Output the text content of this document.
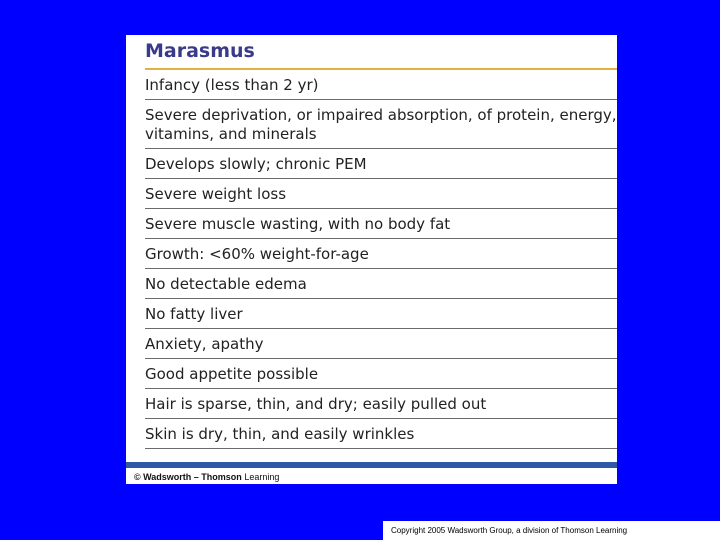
Marasmus
Infancy (less than 2 yr)
Severe deprivation, or impaired absorption, of protein, energy, vitamins, and minerals
Develops slowly; chronic PEM
Severe weight loss
Severe muscle wasting, with no body fat
Growth: <60% weight-for-age
No detectable edema
No fatty liver
Anxiety, apathy
Good appetite possible
Hair is sparse, thin, and dry; easily pulled out
Skin is dry, thin, and easily wrinkles
© Wadsworth – Thomson Learning
Copyright 2005 Wadsworth Group, a division of Thomson Learning
